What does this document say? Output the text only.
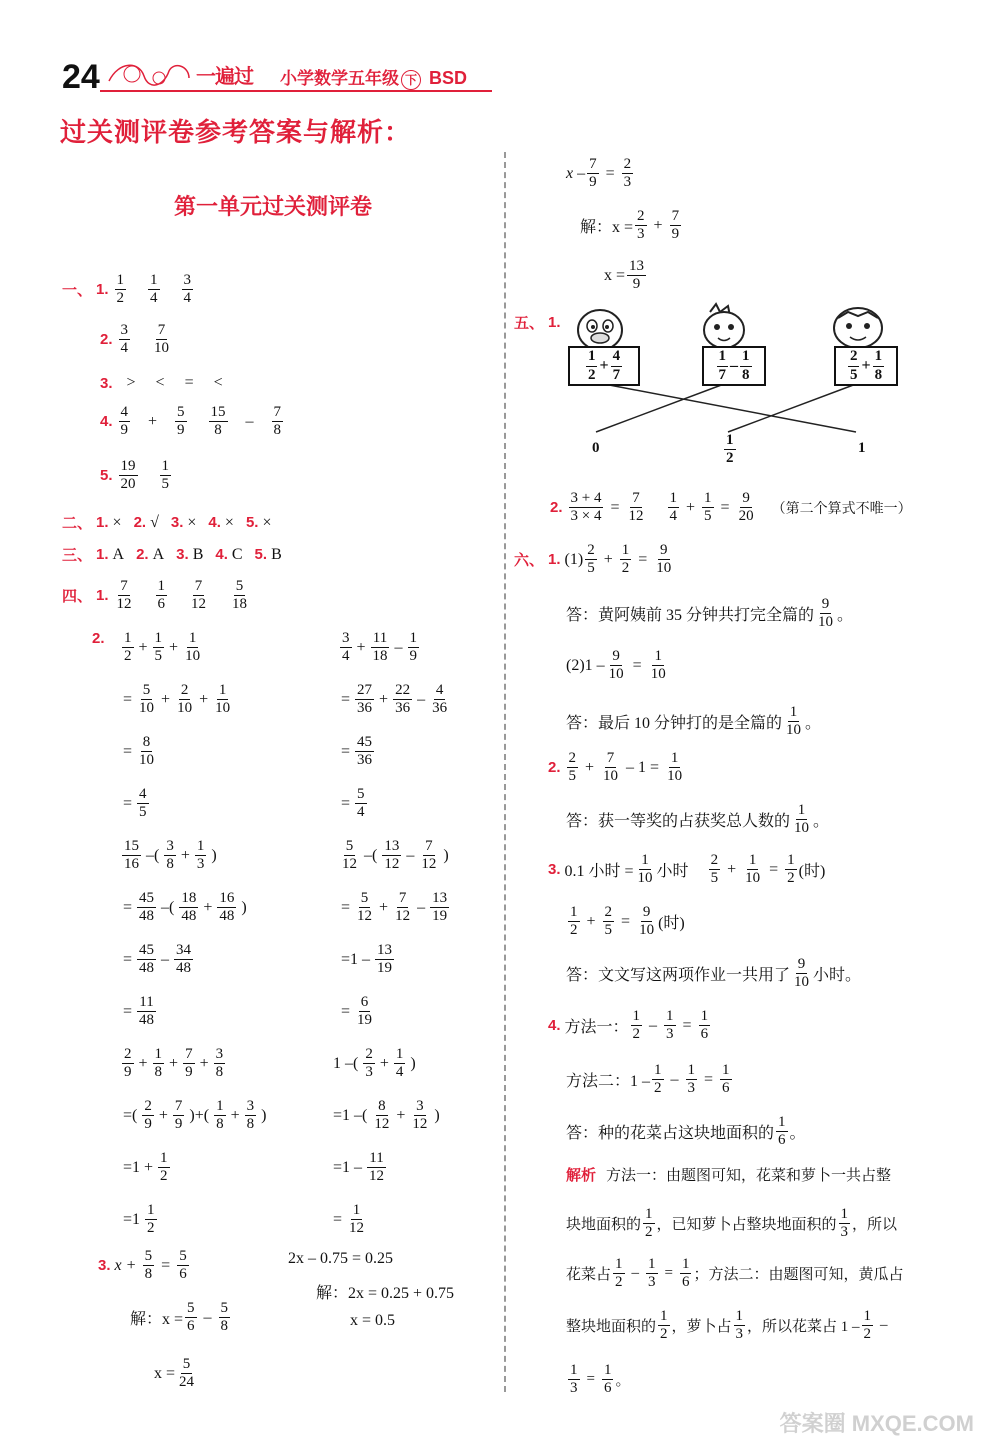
24	一遍过 小学数学五年级 下 BSD
过关测评卷参考答案与解析：
第一单元过关测评卷
一、 1. $\frac{1}{2} \frac{1}{4} \frac{3}{4}$
2. $\frac{3}{4} \frac{7}{10}$
3. > < = <
4. $\frac{4}{9} + \frac{5}{9} \frac{15}{8} - \frac{7}{8}$
5. $\frac{19}{20} \frac{1}{5}$
二、 1. × 2. √ 3. × 4. × 5. ×
三、 1. A 2. A 3. B 4. C 5. B
四、 1. $\frac{7}{12} \frac{1}{6} \frac{7}{12} \frac{5}{18}$
2. $\frac{1}{2} + \frac{1}{5} + \frac{1}{10}$
= $\frac{5}{10} + \frac{2}{10} + \frac{1}{10}$
= $\frac{8}{10}$
= $\frac{4}{5}$
$\frac{3}{4} + \frac{11}{18} - \frac{1}{9}$
= $\frac{27}{36} + \frac{22}{36} - \frac{4}{36}$
= $\frac{45}{36}$
= $\frac{5}{4}$
$\frac{15}{16}$ –( $\frac{3}{8} + \frac{1}{3}$ )
= $\frac{45}{48}$ –( $\frac{18}{48} + \frac{16}{48}$ )
= $\frac{45}{48} - \frac{34}{48}$
= $\frac{11}{48}$
$\frac{5}{12}$ –( $\frac{13}{12} - \frac{7}{12}$ )
= $\frac{5}{12} + \frac{7}{12} - \frac{13}{19}$
$=1 - \frac{13}{19}$
= $\frac{6}{19}$
$\frac{2}{9} + \frac{1}{8} + \frac{7}{9} + \frac{3}{8}$
=( $\frac{2}{9} + \frac{7}{9}$ )+( $\frac{1}{8} + \frac{3}{8}$ )
$=1 + \frac{1}{2}$
$=1 \frac{1}{2}$
1 –( $\frac{2}{3} + \frac{1}{4}$ )
=1 –( $\frac{8}{12} + \frac{3}{12}$ )
$=1 - \frac{11}{12}$
= $\frac{1}{12}$
3. $x + \frac{5}{8} = \frac{5}{6}$
解：$x = \frac{5}{6} - \frac{5}{8}$
$x = \frac{5}{24}$
2x – 0.75 = 0.25
解：2x = 0.25 + 0.75
x = 0.5
$x - \frac{7}{9} = \frac{2}{3}$
解：$x = \frac{2}{3} + \frac{7}{9}$
$x = \frac{13}{9}$
五、 1.
$\frac{1}{2} + \frac{4}{7}$	$\frac{1}{7} - \frac{1}{8}$	$\frac{2}{5} + \frac{1}{8}$
0	$\frac{1}{2}$	1
2. $\frac{3 + 4}{3 \times 4} = \frac{7}{12} \frac{1}{4} + \frac{1}{5} = \frac{9}{20}$ （第二个算式不唯一）
六、 1. $(1) \frac{2}{5} + \frac{1}{2} = \frac{9}{10}$
答：黄阿姨前 35 分钟共打完全篇的 $\frac{9}{10}$ 。
$(2)1 - \frac{9}{10} = \frac{1}{10}$
答：最后 10 分钟打的是全篇的 $\frac{1}{10}$ 。
2. $\frac{2}{5} + \frac{7}{10} - 1 = \frac{1}{10}$
答：获一等奖的占获奖总人数的 $\frac{1}{10}$ 。
3. 0.1 小时 = $\frac{1}{10}$ 小时 $\frac{2}{5} + \frac{1}{10} = \frac{1}{2}$ (时)
$\frac{1}{2} + \frac{2}{5} = \frac{9}{10}$ (时)
答：文文写这两项作业一共用了 $\frac{9}{10}$ 小时。
4. 方法一： $\frac{1}{2} - \frac{1}{3} = \frac{1}{6}$
方法二：$1 - \frac{1}{2} - \frac{1}{3} = \frac{1}{6}$
答：种的花菜占这块地面积的 $\frac{1}{6}$ 。
解析 方法一：由题图可知，花菜和萝卜一共占整
块地面积的 $\frac{1}{2}$ ，已知萝卜占整块地面积的 $\frac{1}{3}$ ，所以
花菜占 $\frac{1}{2} - \frac{1}{3} = \frac{1}{6}$ ；方法二：由题图可知，黄瓜占
整块地面积的 $\frac{1}{2}$ ，萝卜占 $\frac{1}{3}$ ，所以花菜占 $1 - \frac{1}{2}$ –
$\frac{1}{3} = \frac{1}{6}$ 。
答案圈 MXQE.COM
